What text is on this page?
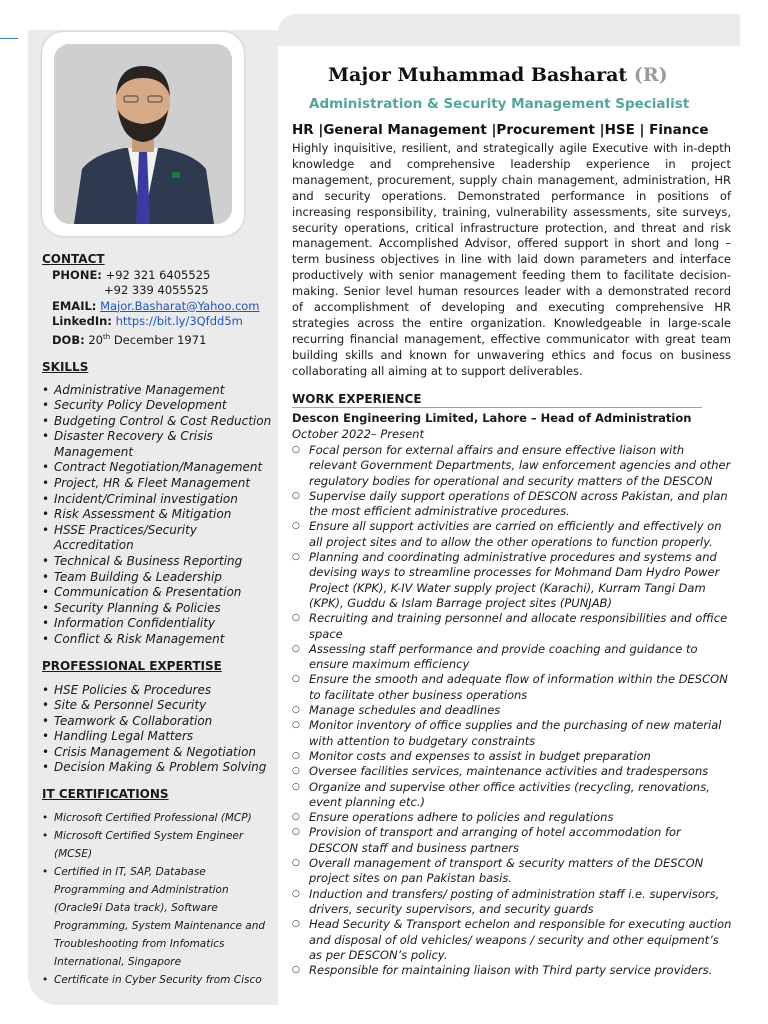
CONTACT
PHONE: +92 321 6405525
+92 339 4055525
EMAIL: Major.Basharat@Yahoo.com
LinkedIn: https://bit.ly/3Qfdd5m
DOB: 20th December 1971
SKILLS
• Administrative Management
• Security Policy Development
• Budgeting Control & Cost Reduction
• Disaster Recovery & Crisis Management
• Contract Negotiation/Management
• Project, HR & Fleet Management
• Incident/Criminal investigation
• Risk Assessment & Mitigation
• HSSE Practices/Security Accreditation
• Technical & Business Reporting
• Team Building & Leadership
• Communication & Presentation
• Security Planning & Policies
• Information Confidentiality
• Conflict & Risk Management
PROFESSIONAL EXPERTISE
• HSE Policies & Procedures
• Site & Personnel Security
• Teamwork & Collaboration
• Handling Legal Matters
• Crisis Management & Negotiation
• Decision Making & Problem Solving
IT CERTIFICATIONS
• Microsoft Certified Professional (MCP)
• Microsoft Certified System Engineer (MCSE)
• Certified in IT, SAP, Database Programming and Administration (Oracle9i Data track), Software Programming, System Maintenance and Troubleshooting from Infomatics International, Singapore
• Certificate in Cyber Security from Cisco
Major Muhammad Basharat (R)
Administration & Security Management Specialist
HR |General Management |Procurement |HSE | Finance
Highly inquisitive, resilient, and strategically agile Executive with in-depth knowledge and comprehensive leadership experience in project management, procurement, supply chain management, administration, HR and security operations. Demonstrated performance in positions of increasing responsibility, training, vulnerability assessments, site surveys, security operations, critical infrastructure protection, and threat and risk management. Accomplished Advisor, offered support in short and long – term business objectives in line with laid down parameters and interface productively with senior management feeding them to facilitate decision-making. Senior level human resources leader with a demonstrated record of accomplishment of developing and executing comprehensive HR strategies across the entire organization. Knowledgeable in large-scale recurring financial management, effective communicator with great team building skills and known for unwavering ethics and focus on business collaborating all aiming at to support deliverables.
WORK EXPERIENCE
Descon Engineering Limited, Lahore – Head of Administration
October 2022– Present
○ Focal person for external affairs and ensure effective liaison with relevant Government Departments, law enforcement agencies and other regulatory bodies for operational and security matters of the DESCON
○ Supervise daily support operations of DESCON across Pakistan, and plan the most efficient administrative procedures.
○ Ensure all support activities are carried on efficiently and effectively on all project sites and to allow the other operations to function properly.
○ Planning and coordinating administrative procedures and systems and devising ways to streamline processes for Mohmand Dam Hydro Power Project (KPK), K-IV Water supply project (Karachi), Kurram Tangi Dam (KPK), Guddu & Islam Barrage project sites (PUNJAB)
○ Recruiting and training personnel and allocate responsibilities and office space
○ Assessing staff performance and provide coaching and guidance to ensure maximum efficiency
○ Ensure the smooth and adequate flow of information within the DESCON to facilitate other business operations
○ Manage schedules and deadlines
○ Monitor inventory of office supplies and the purchasing of new material with attention to budgetary constraints
○ Monitor costs and expenses to assist in budget preparation
○ Oversee facilities services, maintenance activities and tradespersons
○ Organize and supervise other office activities (recycling, renovations, event planning etc.)
○ Ensure operations adhere to policies and regulations
○ Provision of transport and arranging of hotel accommodation for DESCON staff and business partners
○ Overall management of transport & security matters of the DESCON project sites on pan Pakistan basis.
○ Induction and transfers/ posting of administration staff i.e. supervisors, drivers, security supervisors, and security guards
○ Head Security & Transport echelon and responsible for executing auction and disposal of old vehicles/ weapons / security and other equipment’s as per DESCON’s policy.
○ Responsible for maintaining liaison with Third party service providers.
